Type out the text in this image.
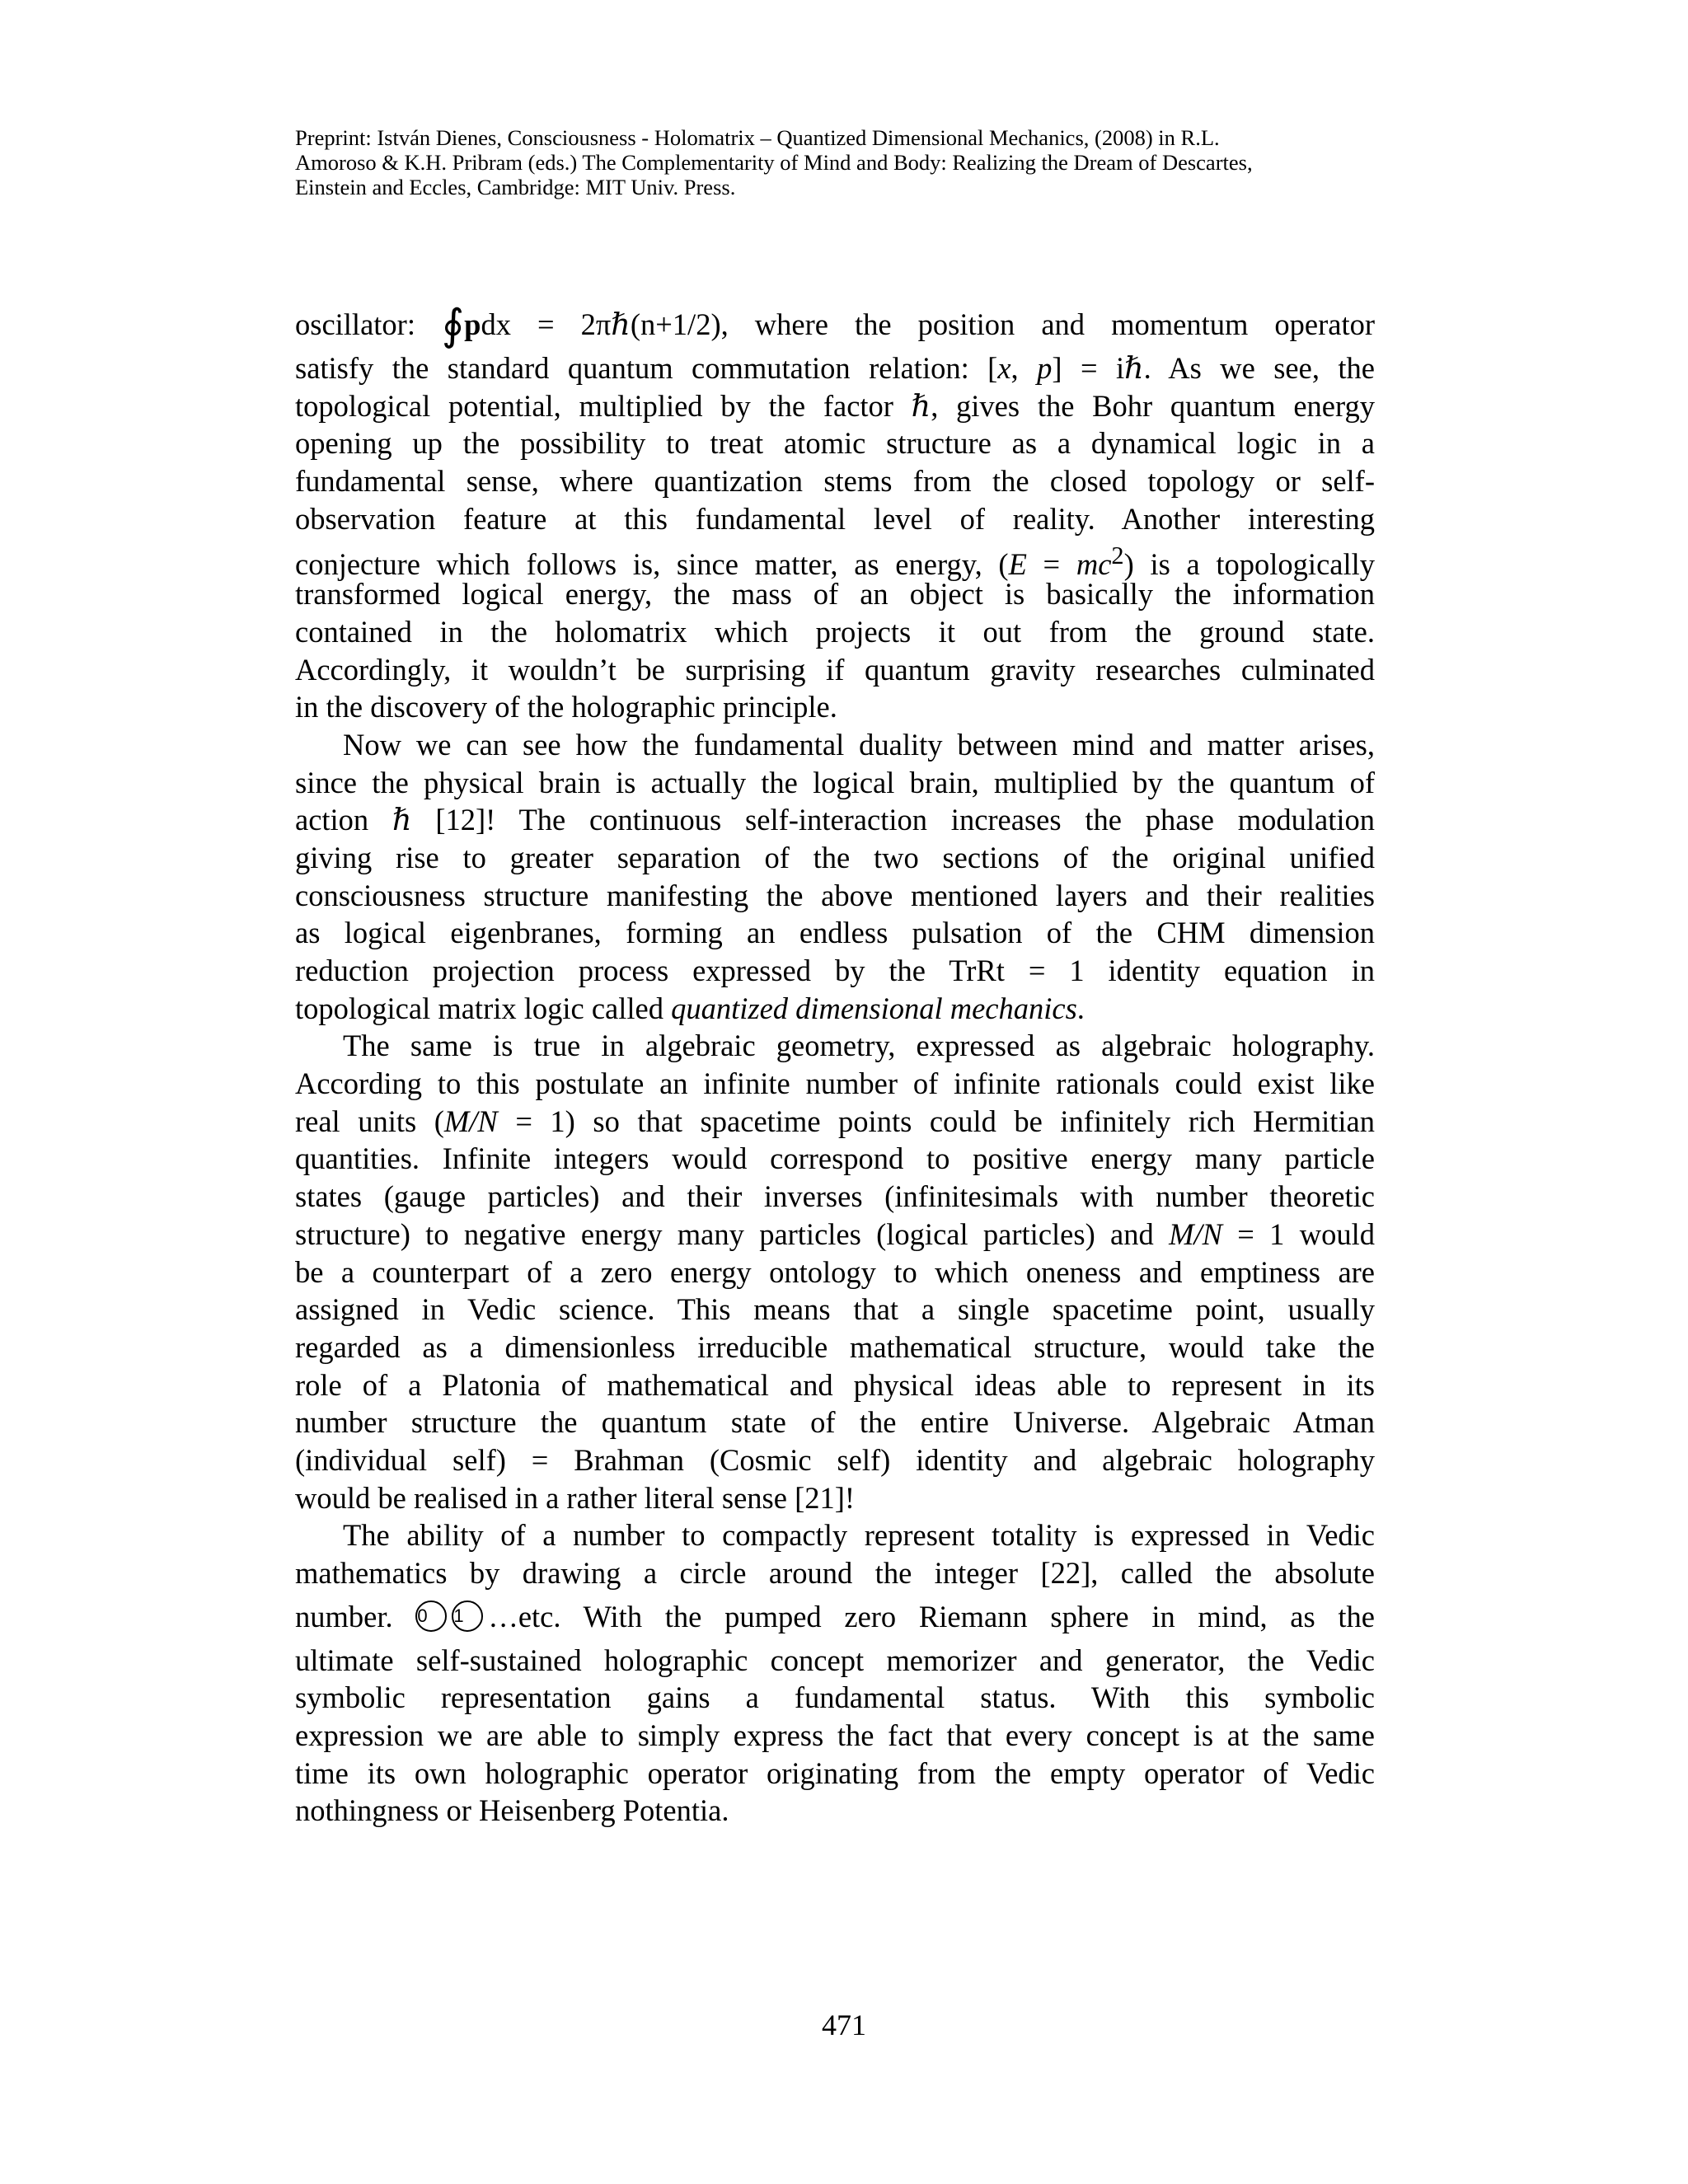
Preprint: István Dienes, Consciousness - Holomatrix – Quantized Dimensional Mechanics, (2008) in R.L.
Amoroso & K.H. Pribram (eds.) The Complementarity of Mind and Body: Realizing the Dream of Descartes,
Einstein and Eccles, Cambridge: MIT Univ. Press.
oscillator: ∮pdx = 2πℏ(n+1/2), where the position and momentum operator
satisfy the standard quantum commutation relation: [x, p] = iℏ. As we see, the
topological potential, multiplied by the factor ℏ, gives the Bohr quantum energy
opening up the possibility to treat atomic structure as a dynamical logic in a
fundamental sense, where quantization stems from the closed topology or self-
observation feature at this fundamental level of reality. Another interesting
conjecture which follows is, since matter, as energy, $(E = mc^2)$ is a topologically
transformed logical energy, the mass of an object is basically the information
contained in the holomatrix which projects it out from the ground state.
Accordingly, it wouldn’t be surprising if quantum gravity researches culminated
in the discovery of the holographic principle.
Now we can see how the fundamental duality between mind and matter arises,
since the physical brain is actually the logical brain, multiplied by the quantum of
action ℏ [12]! The continuous self-interaction increases the phase modulation
giving rise to greater separation of the two sections of the original unified
consciousness structure manifesting the above mentioned layers and their realities
as logical eigenbranes, forming an endless pulsation of the CHM dimension
reduction projection process expressed by the TrRt = 1 identity equation in
topological matrix logic called quantized dimensional mechanics.
The same is true in algebraic geometry, expressed as algebraic holography.
According to this postulate an infinite number of infinite rationals could exist like
real units (M/N = 1) so that spacetime points could be infinitely rich Hermitian
quantities. Infinite integers would correspond to positive energy many particle
states (gauge particles) and their inverses (infinitesimals with number theoretic
structure) to negative energy many particles (logical particles) and M/N = 1 would
be a counterpart of a zero energy ontology to which oneness and emptiness are
assigned in Vedic science. This means that a single spacetime point, usually
regarded as a dimensionless irreducible mathematical structure, would take the
role of a Platonia of mathematical and physical ideas able to represent in its
number structure the quantum state of the entire Universe. Algebraic Atman
(individual self) = Brahman (Cosmic self) identity and algebraic holography
would be realised in a rather literal sense [21]!
The ability of a number to compactly represent totality is expressed in Vedic
mathematics by drawing a circle around the integer [22], called the absolute
number. 0 1 …etc. With the pumped zero Riemann sphere in mind, as the
ultimate self-sustained holographic concept memorizer and generator, the Vedic
symbolic representation gains a fundamental status. With this symbolic
expression we are able to simply express the fact that every concept is at the same
time its own holographic operator originating from the empty operator of Vedic
nothingness or Heisenberg Potentia.
471
